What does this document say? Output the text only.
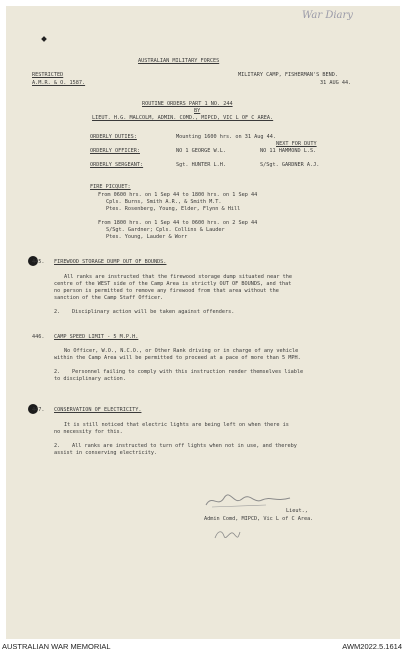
War Diary
AUSTRALIAN MILITARY FORCES
RESTRICTED
A.M.R. & O. 1587.
MILITARY CAMP, FISHERMAN'S BEND.
31 AUG 44.
ROUTINE ORDERS PART 1 NO. 244
BY
LIEUT. H.G. MALCOLM, ADMIN. COMD., MIPCD, VIC L OF C AREA.
ORDERLY DUTIES:	Mounting 1600 hrs. on 31 Aug 44.
NEXT FOR DUTY
ORDERLY OFFICER:	NO 1 GEORGE W.L.	NO 11 HAMMOND L.S.
ORDERLY SERGEANT:	Sgt. HUNTER L.H.	S/Sgt. GARDNER A.J.
FIRE PICQUET:
From 0600 hrs. on 1 Sep 44 to 1800 hrs. on 1 Sep 44
Cpls. Burns, Smith A.R., & Smith M.T.
Ptes. Rosenberg, Young, Elder, Flynn & Hill
From 1800 hrs. on 1 Sep 44 to 0600 hrs. on 2 Sep 44
S/Sgt. Gardner; Cpls. Collins & Lauder
Ptes. Young, Lauder & Worr
445. FIREWOOD STORAGE DUMP OUT OF BOUNDS.
All ranks are instructed that the firewood storage dump situated near the
centre of the WEST side of the Camp Area is strictly OUT OF BOUNDS, and that
no person is permitted to remove any firewood from that area without the
sanction of the Camp Staff Officer.
2. Disciplinary action will be taken against offenders.
446. CAMP SPEED LIMIT - 5 M.P.H.
No Officer, W.O., N.C.O., or Other Rank driving or in charge of any vehicle
within the Camp Area will be permitted to proceed at a pace of more than 5 MPH.
2. Personnel failing to comply with this instruction render themselves liable
to disciplinary action.
447. CONSERVATION OF ELECTRICITY.
It is still noticed that electric lights are being left on when there is
no necessity for this.
2. All ranks are instructed to turn off lights when not in use, and thereby
assist in conserving electricity.
Lieut.,
Admin Comd, MIPCD, Vic L of C Area.
AUSTRALIAN WAR MEMORIAL	AWM2022.5.1614
